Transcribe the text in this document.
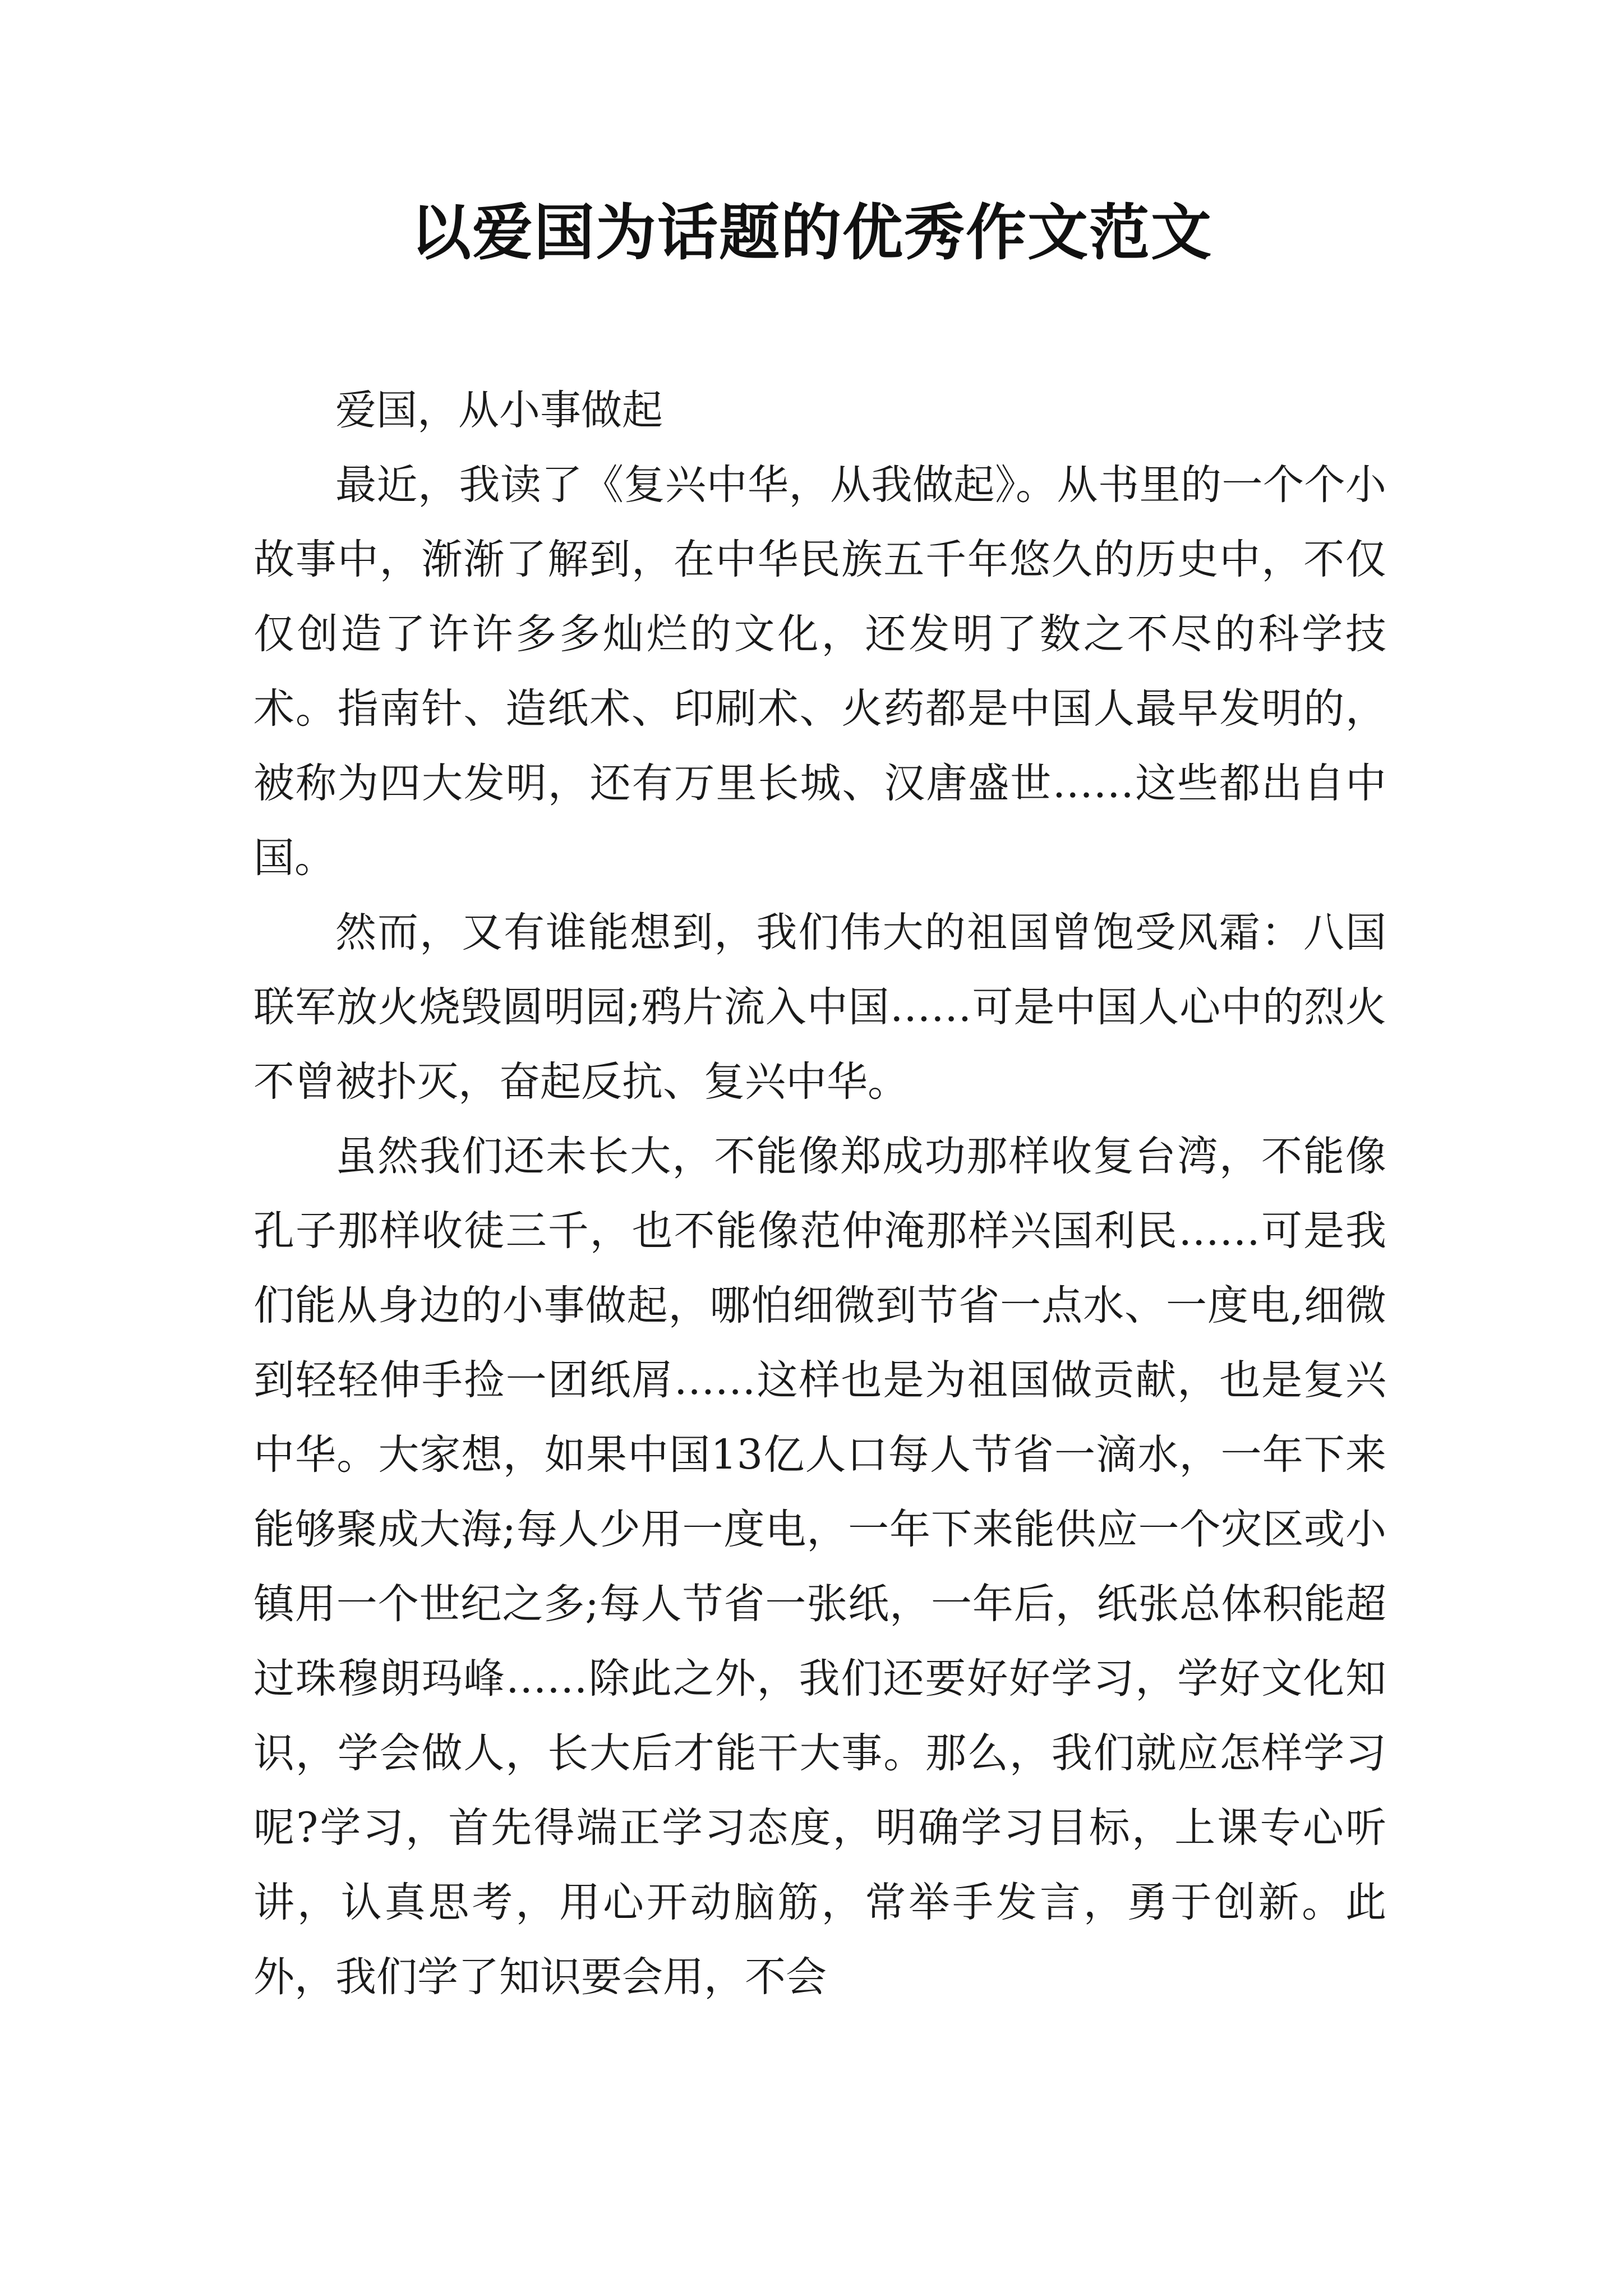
以爱国为话题的优秀作文范文

爱国，从小事做起

最近，我读了《复兴中华，从我做起》。从书里的一个个小故事中，渐渐了解到，在中华民族五千年悠久的历史中，不仅仅创造了许许多多灿烂的文化，还发明了数之不尽的科学技术。指南针、造纸术、印刷术、火药都是中国人最早发明的，被称为四大发明，还有万里长城、汉唐盛世……这些都出自中国。

然而，又有谁能想到，我们伟大的祖国曾饱受风霜：八国联军放火烧毁圆明园;鸦片流入中国……可是中国人心中的烈火不曾被扑灭，奋起反抗、复兴中华。

虽然我们还未长大，不能像郑成功那样收复台湾，不能像孔子那样收徒三千，也不能像范仲淹那样兴国利民……可是我们能从身边的小事做起，哪怕细微到节省一点水、一度电,细微到轻轻伸手捡一团纸屑……这样也是为祖国做贡献，也是复兴中华。大家想，如果中国13亿人口每人节省一滴水，一年下来能够聚成大海;每人少用一度电，一年下来能供应一个灾区或小镇用一个世纪之多;每人节省一张纸，一年后，纸张总体积能超过珠穆朗玛峰……除此之外，我们还要好好学习，学好文化知识，学会做人，长大后才能干大事。那么，我们就应怎样学习呢?学习，首先得端正学习态度，明确学习目标，上课专心听讲，认真思考，用心开动脑筋，常举手发言，勇于创新。此外，我们学了知识要会用，不会
